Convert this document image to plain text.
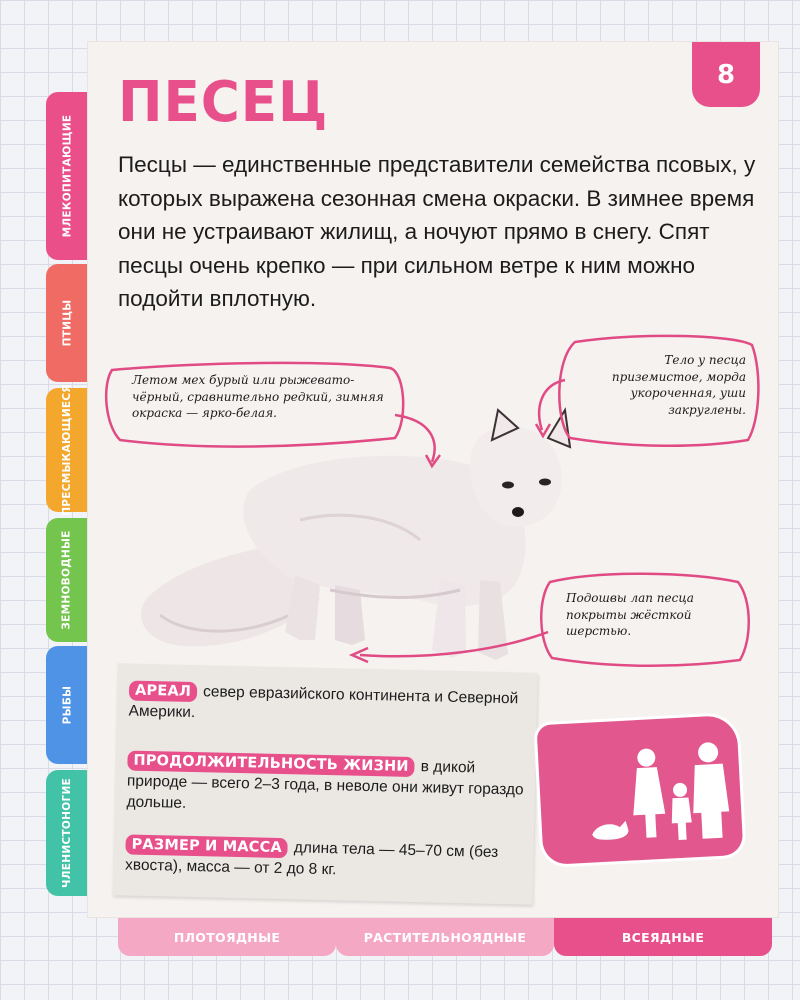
МЛЕКОПИТАЮЩИЕ
ПТИЦЫ
ПРЕСМЫКАЮЩИЕСЯ
ЗЕМНОВОДНЫЕ
РЫБЫ
ЧЛЕНИСТОНОГИЕ
8
ПЕСЕЦ

Песцы — единственные представители семейства псовых, у которых выражена сезонная смена окраски. В зимнее время они не устраивают жилищ, а ночуют прямо в снегу. Спят песцы очень крепко — при сильном ветре к ним можно подойти вплотную.

Летом мех бурый или рыжевато-чёрный, сравнительно редкий, зимняя окраска — ярко-белая.

Тело у песца приземистое, морда укороченная, уши закруглены.

Подошвы лап песца покрыты жёсткой шерстью.

АРЕАЛ север евразийского континента и Северной Америки.

ПРОДОЛЖИТЕЛЬНОСТЬ ЖИЗНИ в дикой природе — всего 2–3 года, в неволе они живут гораздо дольше.

РАЗМЕР И МАССА длина тела — 45–70 см (без хвоста), масса — от 2 до 8 кг.

ПЛОТОЯДНЫЕ	РАСТИТЕЛЬНОЯДНЫЕ	ВСЕЯДНЫЕ
